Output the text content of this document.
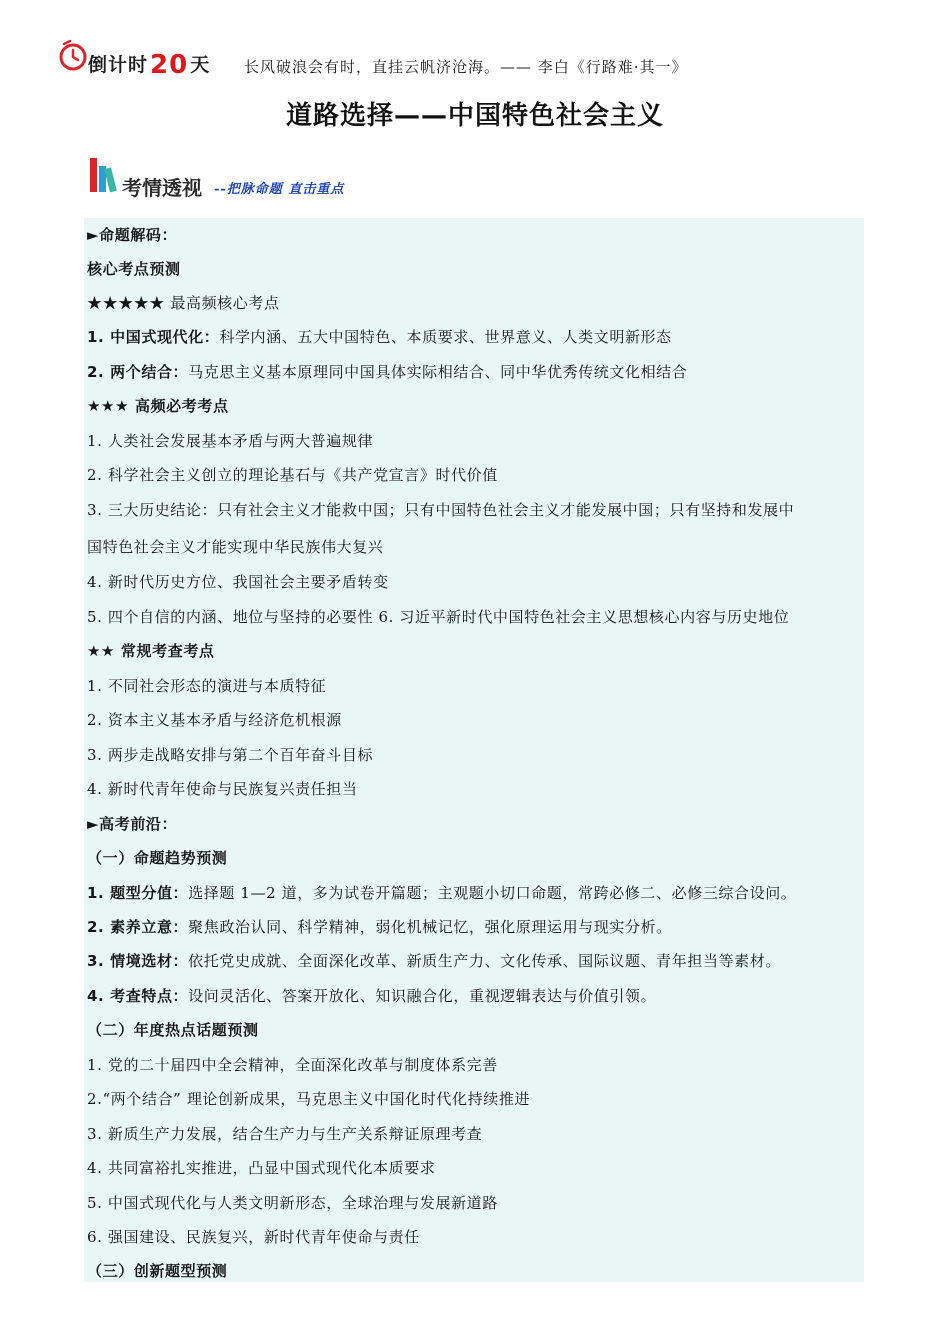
倒计时20 天 长风破浪会有时，直挂云帆济沧海。—— 李白《行路难·其一》
道路选择——中国特色社会主义
考情透视 --把脉命题 直击重点
►命题解码：
核心考点预测
★★★★★ 最高频核心考点
1. 中国式现代化：科学内涵、五大中国特色、本质要求、世界意义、人类文明新形态
2. 两个结合：马克思主义基本原理同中国具体实际相结合、同中华优秀传统文化相结合
★★★ 高频必考考点
1. 人类社会发展基本矛盾与两大普遍规律
2. 科学社会主义创立的理论基石与《共产党宣言》时代价值
3. 三大历史结论：只有社会主义才能救中国；只有中国特色社会主义才能发展中国；只有坚持和发展中
国特色社会主义才能实现中华民族伟大复兴
4. 新时代历史方位、我国社会主要矛盾转变
5. 四个自信的内涵、地位与坚持的必要性 6. 习近平新时代中国特色社会主义思想核心内容与历史地位
★★ 常规考查考点
1. 不同社会形态的演进与本质特征
2. 资本主义基本矛盾与经济危机根源
3. 两步走战略安排与第二个百年奋斗目标
4. 新时代青年使命与民族复兴责任担当
►高考前沿：
（一）命题趋势预测
1. 题型分值：选择题 1—2 道，多为试卷开篇题；主观题小切口命题，常跨必修二、必修三综合设问。
2. 素养立意：聚焦政治认同、科学精神，弱化机械记忆，强化原理运用与现实分析。
3. 情境选材：依托党史成就、全面深化改革、新质生产力、文化传承、国际议题、青年担当等素材。
4. 考查特点：设问灵活化、答案开放化、知识融合化，重视逻辑表达与价值引领。
（二）年度热点话题预测
1. 党的二十届四中全会精神，全面深化改革与制度体系完善
2.“两个结合” 理论创新成果，马克思主义中国化时代化持续推进
3. 新质生产力发展，结合生产力与生产关系辩证原理考查
4. 共同富裕扎实推进，凸显中国式现代化本质要求
5. 中国式现代化与人类文明新形态，全球治理与发展新道路
6. 强国建设、民族复兴，新时代青年使命与责任
（三）创新题型预测
